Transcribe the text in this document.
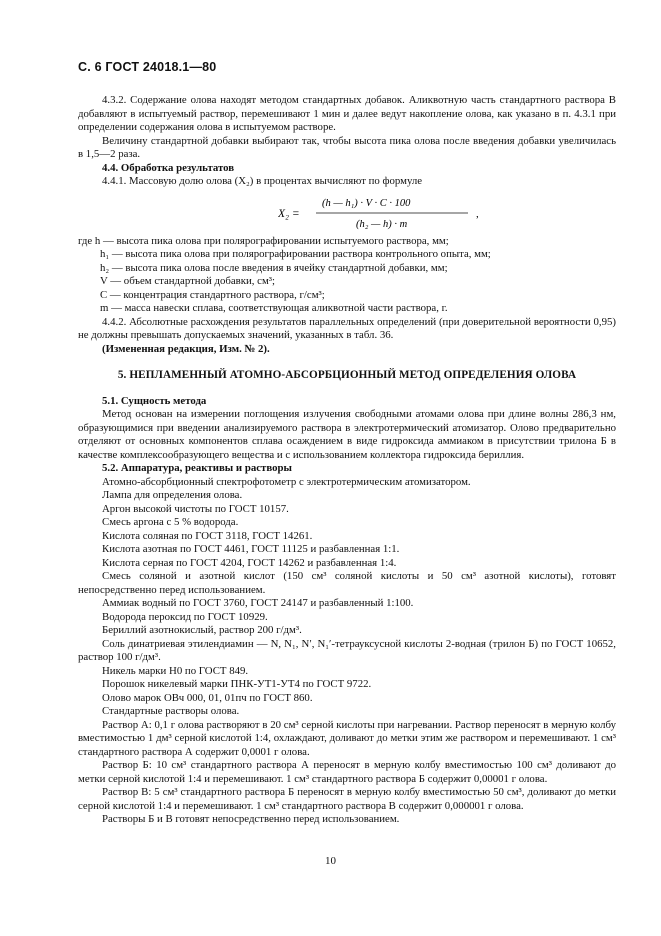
С. 6 ГОСТ 24018.1—80

4.3.2. Содержание олова находят методом стандартных добавок. Аликвотную часть стандартного раствора В добавляют в испытуемый раствор, перемешивают 1 мин и далее ведут накопление олова, как указано в п. 4.3.1 при определении содержания олова в испытуемом растворе.

Величину стандартной добавки выбирают так, чтобы высота пика олова после введения добавки увеличилась в 1,5—2 раза.

4.4. Обработка результатов

4.4.1. Массовую долю олова (X₂) в процентах вычисляют по формуле

X₂ =
(h — h₁) · V · C · 100
(h₂ — h) · m
,

где h — высота пика олова при полярографировании испытуемого раствора, мм;

h₁ — высота пика олова при полярографировании раствора контрольного опыта, мм;

h₂ — высота пика олова после введения в ячейку стандартной добавки, мм;

V — объем стандартной добавки, см³;

C — концентрация стандартного раствора, г/см³;

m — масса навески сплава, соответствующая аликвотной части раствора, г.

4.4.2. Абсолютные расхождения результатов параллельных определений (при доверительной вероятности 0,95) не должны превышать допускаемых значений, указанных в табл. 36.

(Измененная редакция, Изм. № 2).

5. НЕПЛАМЕННЫЙ АТОМНО-АБСОРБЦИОННЫЙ МЕТОД ОПРЕДЕЛЕНИЯ ОЛОВА

5.1. Сущность метода

Метод основан на измерении поглощения излучения свободными атомами олова при длине волны 286,3 нм, образующимися при введении анализируемого раствора в электротермический атомизатор. Олово предварительно отделяют от основных компонентов сплава осаждением в виде гидроксида аммиаком в присутствии трилона Б в качестве комплексообразующего вещества и с использованием коллектора гидроксида бериллия.

5.2. Аппаратура, реактивы и растворы

Атомно-абсорбционный спектрофотометр с электротермическим атомизатором.

Лампа для определения олова.

Аргон высокой чистоты по ГОСТ 10157.

Смесь аргона с 5 % водорода.

Кислота соляная по ГОСТ 3118, ГОСТ 14261.

Кислота азотная по ГОСТ 4461, ГОСТ 11125 и разбавленная 1:1.

Кислота серная по ГОСТ 4204, ГОСТ 14262 и разбавленная 1:4.

Смесь соляной и азотной кислот (150 см³ соляной кислоты и 50 см³ азотной кислоты), готовят непосредственно перед использованием.

Аммиак водный по ГОСТ 3760, ГОСТ 24147 и разбавленный 1:100.

Водорода пероксид по ГОСТ 10929.

Бериллий азотнокислый, раствор 200 г/дм³.

Соль динатриевая этилендиамин — N, N₁, N′, N₁′-тетрауксусной кислоты 2-водная (трилон Б) по ГОСТ 10652, раствор 100 г/дм³.

Никель марки Н0 по ГОСТ 849.

Порошок никелевый марки ПНК-УТ1-УТ4 по ГОСТ 9722.

Олово марок ОВч 000, 01, 01пч по ГОСТ 860.

Стандартные растворы олова.

Раствор А: 0,1 г олова растворяют в 20 см³ серной кислоты при нагревании. Раствор переносят в мерную колбу вместимостью 1 дм³ серной кислотой 1:4, охлаждают, доливают до метки этим же раствором и перемешивают. 1 см³ стандартного раствора А содержит 0,0001 г олова.

Раствор Б: 10 см³ стандартного раствора А переносят в мерную колбу вместимостью 100 см³ доливают до метки серной кислотой 1:4 и перемешивают. 1 см³ стандартного раствора Б содержит 0,00001 г олова.

Раствор В: 5 см³ стандартного раствора Б переносят в мерную колбу вместимостью 50 см³, доливают до метки серной кислотой 1:4 и перемешивают. 1 см³ стандартного раствора В содержит 0,000001 г олова.

Растворы Б и В готовят непосредственно перед использованием.

10
